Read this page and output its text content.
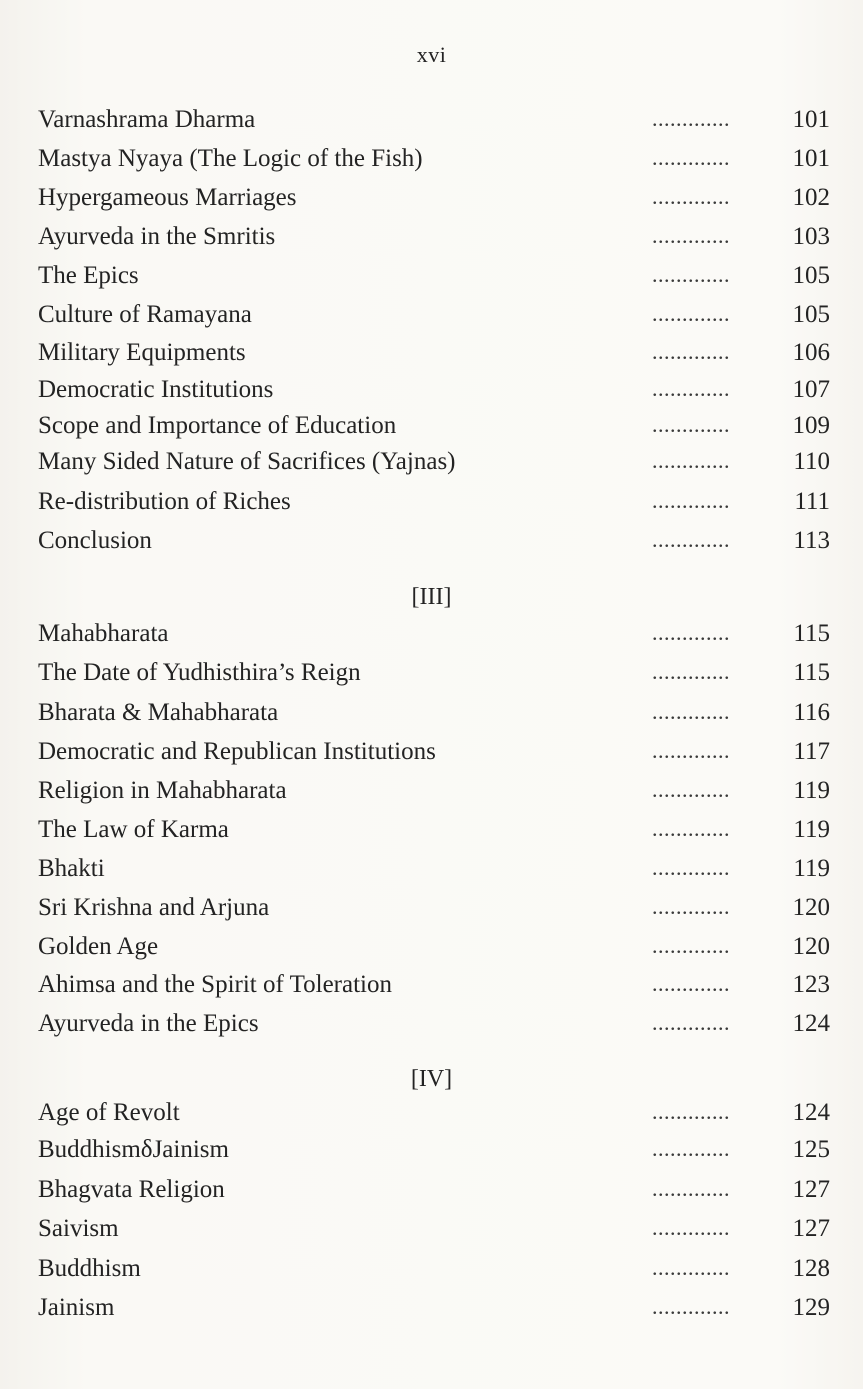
xvi
Varnashrama Dharma	.............	101
Mastya Nyaya (The Logic of the Fish)	.............	101
Hypergameous Marriages	.............	102
Ayurveda in the Smritis	.............	103
The Epics	.............	105
Culture of Ramayana	.............	105
Military Equipments	.............	106
Democratic Institutions	.............	107
Scope and Importance of Education	.............	109
Many Sided Nature of Sacrifices (Yajnas)	.............	110
Re-distribution of Riches	.............	111
Conclusion	.............	113
[III]
Mahabharata	.............	115
The Date of Yudhisthira’s Reign	.............	115
Bharata & Mahabharata	.............	116
Democratic and Republican Institutions	.............	117
Religion in Mahabharata	.............	119
The Law of Karma	.............	119
Bhakti	.............	119
Sri Krishna and Arjuna	.............	120
Golden Age	.............	120
Ahimsa and the Spirit of Toleration	.............	123
Ayurveda in the Epics	.............	124
[IV]
Age of Revolt	.............	124
BuddhismδJainism	.............	125
Bhagvata Religion	.............	127
Saivism	.............	127
Buddhism	.............	128
Jainism	.............	129
